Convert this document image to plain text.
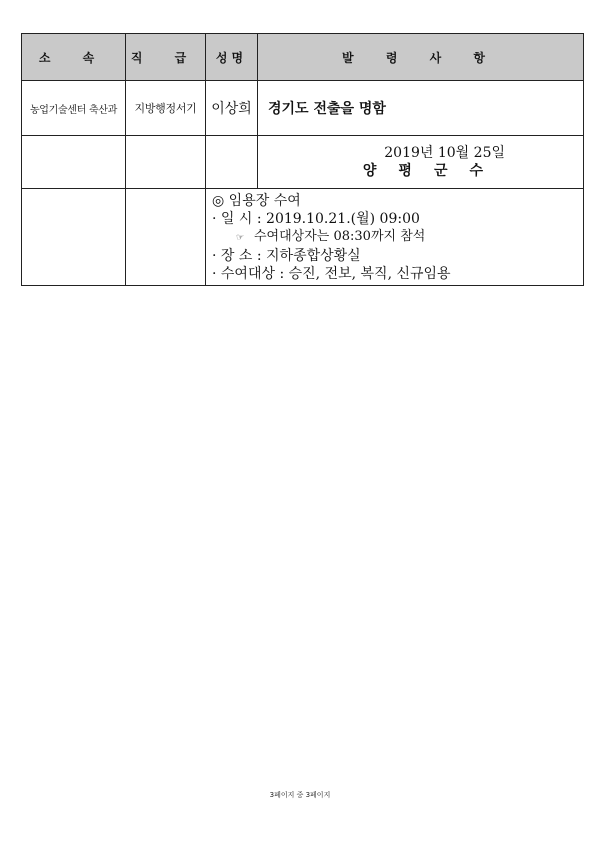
소 속	직 급	성명	발 령 사 항
농업기술센터 축산과	지방행정서기	이상희	경기도 전출을 명함

			2019년 10월 25일
양평군수

		◎ 임용장 수여
· 일 시 : 2019.10.21.(월) 09:00
☞ 수여대상자는 08:30까지 참석
· 장 소 : 지하종합상황실
· 수여대상 : 승진, 전보, 복직, 신규임용	
3페이지 중 3페이지
